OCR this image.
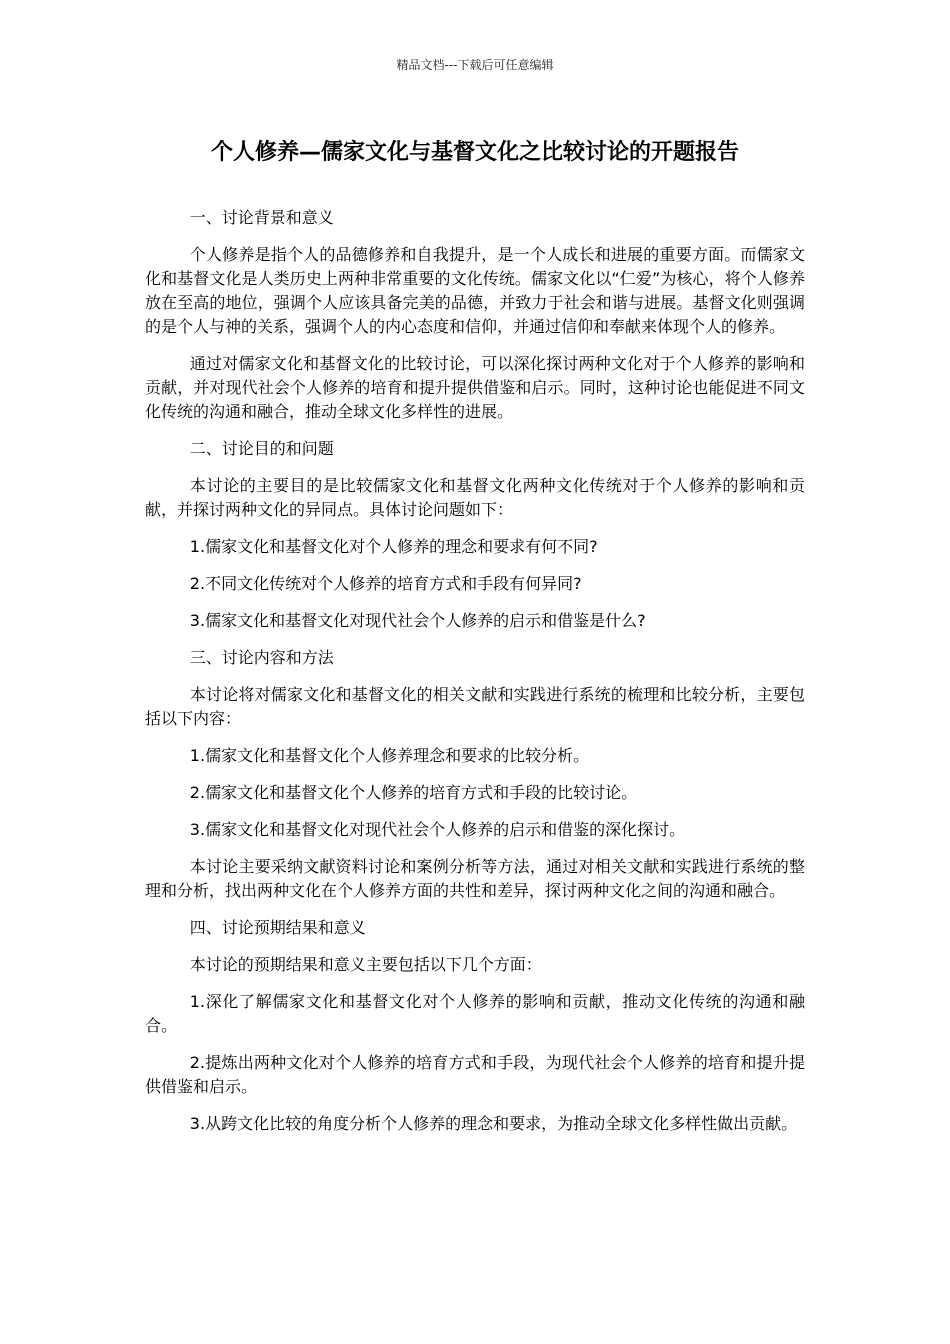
精品文档---下载后可任意编辑
个人修养—儒家文化与基督文化之比较讨论的开题报告

一、讨论背景和意义

个人修养是指个人的品德修养和自我提升，是一个人成长和进展的重要方面。而儒家文化和基督文化是人类历史上两种非常重要的文化传统。儒家文化以“仁爱”为核心，将个人修养放在至高的地位，强调个人应该具备完美的品德，并致力于社会和谐与进展。基督文化则强调的是个人与神的关系，强调个人的内心态度和信仰，并通过信仰和奉献来体现个人的修养。

通过对儒家文化和基督文化的比较讨论，可以深化探讨两种文化对于个人修养的影响和贡献，并对现代社会个人修养的培育和提升提供借鉴和启示。同时，这种讨论也能促进不同文化传统的沟通和融合，推动全球文化多样性的进展。

二、讨论目的和问题

本讨论的主要目的是比较儒家文化和基督文化两种文化传统对于个人修养的影响和贡献，并探讨两种文化的异同点。具体讨论问题如下：

1.儒家文化和基督文化对个人修养的理念和要求有何不同?

2.不同文化传统对个人修养的培育方式和手段有何异同?

3.儒家文化和基督文化对现代社会个人修养的启示和借鉴是什么?

三、讨论内容和方法

本讨论将对儒家文化和基督文化的相关文献和实践进行系统的梳理和比较分析，主要包括以下内容：

1.儒家文化和基督文化个人修养理念和要求的比较分析。

2.儒家文化和基督文化个人修养的培育方式和手段的比较讨论。

3.儒家文化和基督文化对现代社会个人修养的启示和借鉴的深化探讨。

本讨论主要采纳文献资料讨论和案例分析等方法，通过对相关文献和实践进行系统的整理和分析，找出两种文化在个人修养方面的共性和差异，探讨两种文化之间的沟通和融合。

四、讨论预期结果和意义

本讨论的预期结果和意义主要包括以下几个方面：

1.深化了解儒家文化和基督文化对个人修养的影响和贡献，推动文化传统的沟通和融合。

2.提炼出两种文化对个人修养的培育方式和手段，为现代社会个人修养的培育和提升提供借鉴和启示。

3.从跨文化比较的角度分析个人修养的理念和要求，为推动全球文化多样性做出贡献。
